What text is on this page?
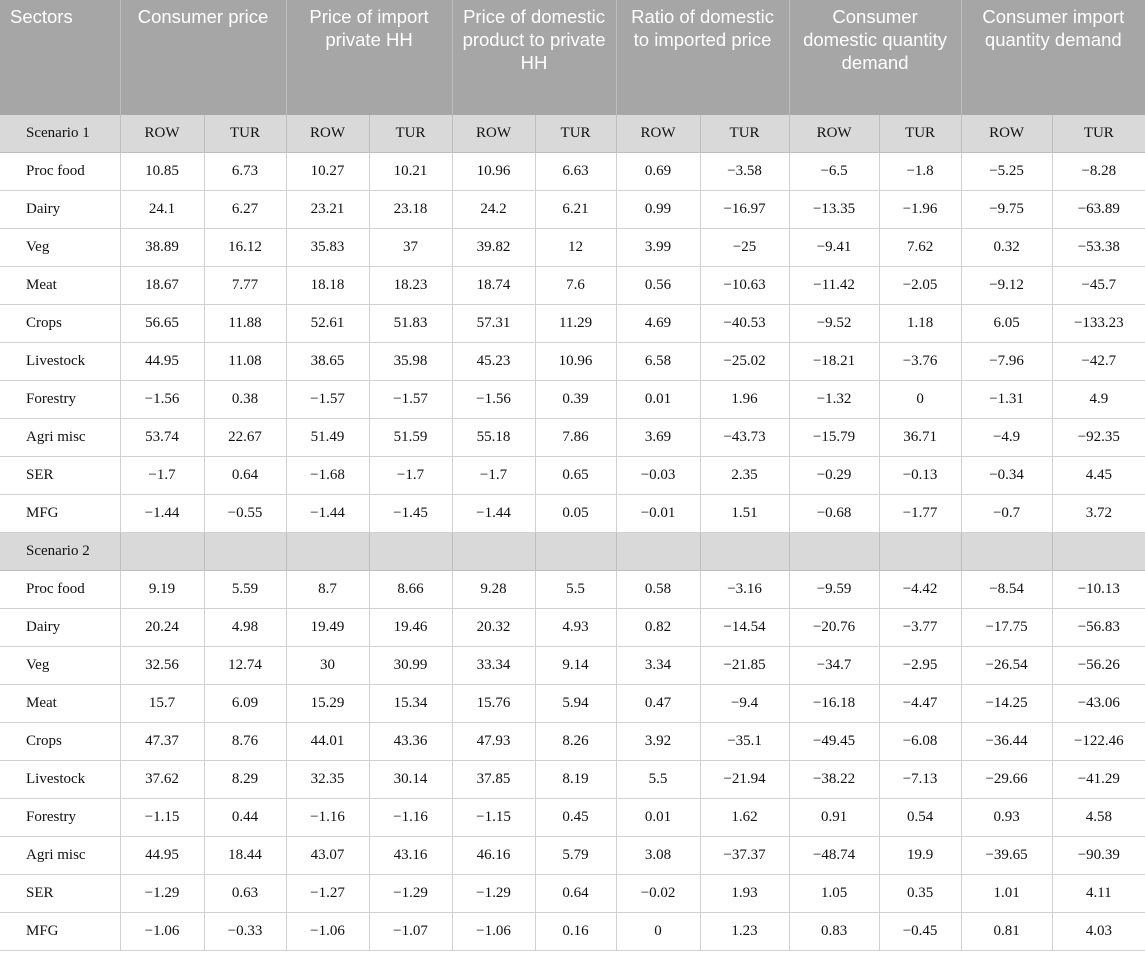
Sectors	Consumer price		Price of import private HH		Price of domestic product to private HH		Ratio of domestic to imported price		Consumer domestic quantity demand		Consumer import quantity demand	
Scenario 1	ROW	TUR	ROW	TUR	ROW	TUR	ROW	TUR	ROW	TUR	ROW	TUR
Proc food	10.85	6.73	10.27	10.21	10.96	6.63	0.69	−3.58	−6.5	−1.8	−5.25	−8.28
Dairy	24.1	6.27	23.21	23.18	24.2	6.21	0.99	−16.97	−13.35	−1.96	−9.75	−63.89
Veg	38.89	16.12	35.83	37	39.82	12	3.99	−25	−9.41	7.62	0.32	−53.38
Meat	18.67	7.77	18.18	18.23	18.74	7.6	0.56	−10.63	−11.42	−2.05	−9.12	−45.7
Crops	56.65	11.88	52.61	51.83	57.31	11.29	4.69	−40.53	−9.52	1.18	6.05	−133.23
Livestock	44.95	11.08	38.65	35.98	45.23	10.96	6.58	−25.02	−18.21	−3.76	−7.96	−42.7
Forestry	−1.56	0.38	−1.57	−1.57	−1.56	0.39	0.01	1.96	−1.32	0	−1.31	4.9
Agri misc	53.74	22.67	51.49	51.59	55.18	7.86	3.69	−43.73	−15.79	36.71	−4.9	−92.35
SER	−1.7	0.64	−1.68	−1.7	−1.7	0.65	−0.03	2.35	−0.29	−0.13	−0.34	4.45
MFG	−1.44	−0.55	−1.44	−1.45	−1.44	0.05	−0.01	1.51	−0.68	−1.77	−0.7	3.72
Scenario 2												
Proc food	9.19	5.59	8.7	8.66	9.28	5.5	0.58	−3.16	−9.59	−4.42	−8.54	−10.13
Dairy	20.24	4.98	19.49	19.46	20.32	4.93	0.82	−14.54	−20.76	−3.77	−17.75	−56.83
Veg	32.56	12.74	30	30.99	33.34	9.14	3.34	−21.85	−34.7	−2.95	−26.54	−56.26
Meat	15.7	6.09	15.29	15.34	15.76	5.94	0.47	−9.4	−16.18	−4.47	−14.25	−43.06
Crops	47.37	8.76	44.01	43.36	47.93	8.26	3.92	−35.1	−49.45	−6.08	−36.44	−122.46
Livestock	37.62	8.29	32.35	30.14	37.85	8.19	5.5	−21.94	−38.22	−7.13	−29.66	−41.29
Forestry	−1.15	0.44	−1.16	−1.16	−1.15	0.45	0.01	1.62	0.91	0.54	0.93	4.58
Agri misc	44.95	18.44	43.07	43.16	46.16	5.79	3.08	−37.37	−48.74	19.9	−39.65	−90.39
SER	−1.29	0.63	−1.27	−1.29	−1.29	0.64	−0.02	1.93	1.05	0.35	1.01	4.11
MFG	−1.06	−0.33	−1.06	−1.07	−1.06	0.16	0	1.23	0.83	−0.45	0.81	4.03
